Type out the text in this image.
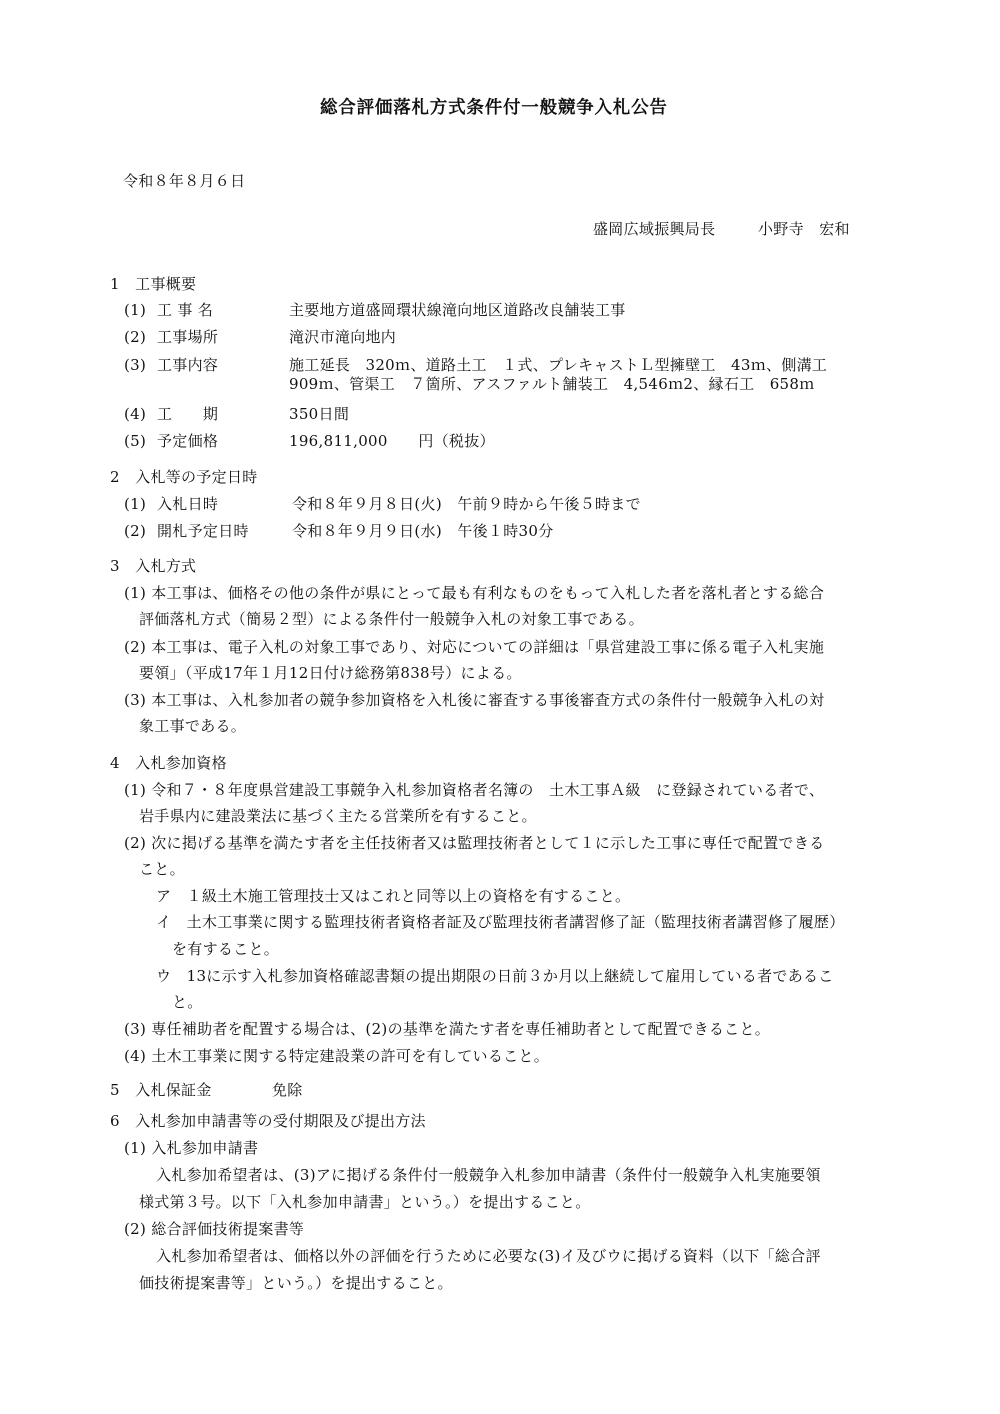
総合評価落札方式条件付一般競争入札公告
令和８年８月６日
盛岡広域振興局長	小野寺　宏和
1　工事概要
(1) 工 事 名	主要地方道盛岡環状線滝向地区道路改良舗装工事
(2) 工事場所	滝沢市滝向地内
(3) 工事内容	施工延長　320ｍ、道路土工　１式、プレキャストＬ型擁壁工　43ｍ、側溝工
909ｍ、管渠工　７箇所、アスファルト舗装工　4,546ｍ2、縁石工　658ｍ
(4) 工　　期	350日間
(5) 予定価格	196,811,000　　円（税抜）
2　入札等の予定日時
(1) 入札日時	令和８年９月８日(火)　午前９時から午後５時まで
(2) 開札予定日時	令和８年９月９日(水)　午後１時30分
3　入札方式
(1) 本工事は、価格その他の条件が県にとって最も有利なものをもって入札した者を落札者とする総合
評価落札方式（簡易２型）による条件付一般競争入札の対象工事である。
(2) 本工事は、電子入札の対象工事であり、対応についての詳細は「県営建設工事に係る電子入札実施
要領」（平成17年１月12日付け総務第838号）による。
(3) 本工事は、入札参加者の競争参加資格を入札後に審査する事後審査方式の条件付一般競争入札の対
象工事である。
4　入札参加資格
(1) 令和７・８年度県営建設工事競争入札参加資格者名簿の　土木工事Ａ級　に登録されている者で、
岩手県内に建設業法に基づく主たる営業所を有すること。
(2) 次に掲げる基準を満たす者を主任技術者又は監理技術者として１に示した工事に専任で配置できる
こと。
ア　１級土木施工管理技士又はこれと同等以上の資格を有すること。
イ　土木工事業に関する監理技術者資格者証及び監理技術者講習修了証（監理技術者講習修了履歴）
を有すること。
ウ　13に示す入札参加資格確認書類の提出期限の日前３か月以上継続して雇用している者であるこ
と。
(3) 専任補助者を配置する場合は、(2)の基準を満たす者を専任補助者として配置できること。
(4) 土木工事業に関する特定建設業の許可を有していること。
5　入札保証金	免除
6　入札参加申請書等の受付期限及び提出方法
(1) 入札参加申請書
入札参加希望者は、(3)アに掲げる条件付一般競争入札参加申請書（条件付一般競争入札実施要領
様式第３号。以下「入札参加申請書」という。）を提出すること。
(2) 総合評価技術提案書等
入札参加希望者は、価格以外の評価を行うために必要な(3)イ及びウに掲げる資料（以下「総合評
価技術提案書等」という。）を提出すること。
